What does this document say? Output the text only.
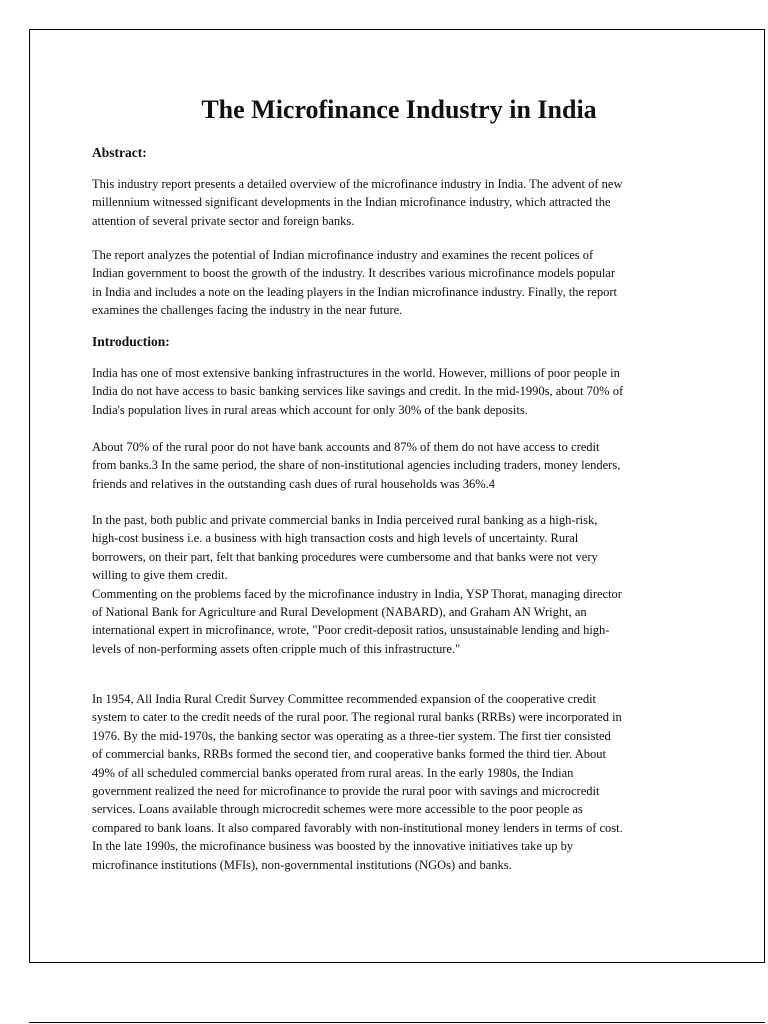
The Microfinance Industry in India
Abstract:

This industry report presents a detailed overview of the microfinance industry in India. The advent of new
millennium witnessed significant developments in the Indian microfinance industry, which attracted the
attention of several private sector and foreign banks.

The report analyzes the potential of Indian microfinance industry and examines the recent polices of
Indian government to boost the growth of the industry. It describes various microfinance models popular
in India and includes a note on the leading players in the Indian microfinance industry. Finally, the report
examines the challenges facing the industry in the near future.

Introduction:

India has one of most extensive banking infrastructures in the world. However, millions of poor people in
India do not have access to basic banking services like savings and credit. In the mid-1990s, about 70% of
India's population lives in rural areas which account for only 30% of the bank deposits.

About 70% of the rural poor do not have bank accounts and 87% of them do not have access to credit
from banks.3 In the same period, the share of non-institutional agencies including traders, money lenders,
friends and relatives in the outstanding cash dues of rural households was 36%.4

In the past, both public and private commercial banks in India perceived rural banking as a high-risk,
high-cost business i.e. a business with high transaction costs and high levels of uncertainty. Rural
borrowers, on their part, felt that banking procedures were cumbersome and that banks were not very
willing to give them credit.
Commenting on the problems faced by the microfinance industry in India, YSP Thorat, managing director
of National Bank for Agriculture and Rural Development (NABARD), and Graham AN Wright, an
international expert in microfinance, wrote, "Poor credit-deposit ratios, unsustainable lending and high-
levels of non-performing assets often cripple much of this infrastructure."

In 1954, All India Rural Credit Survey Committee recommended expansion of the cooperative credit
system to cater to the credit needs of the rural poor. The regional rural banks (RRBs) were incorporated in
1976. By the mid-1970s, the banking sector was operating as a three-tier system. The first tier consisted
of commercial banks, RRBs formed the second tier, and cooperative banks formed the third tier. About
49% of all scheduled commercial banks operated from rural areas. In the early 1980s, the Indian
government realized the need for microfinance to provide the rural poor with savings and microcredit
services. Loans available through microcredit schemes were more accessible to the poor people as
compared to bank loans. It also compared favorably with non-institutional money lenders in terms of cost.
In the late 1990s, the microfinance business was boosted by the innovative initiatives take up by
microfinance institutions (MFIs), non-governmental institutions (NGOs) and banks.
